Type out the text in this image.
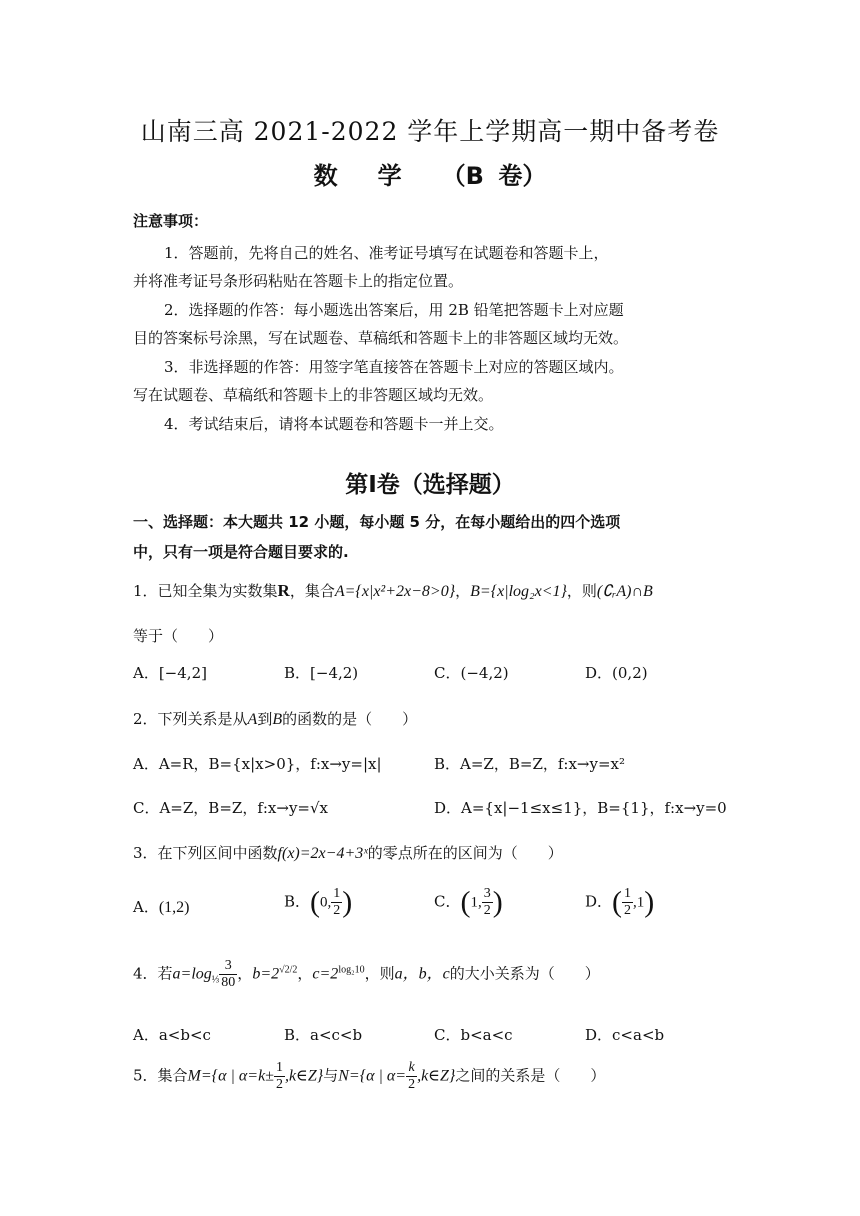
山南三高 2021-2022 学年上学期高一期中备考卷
数 学 （B 卷）
注意事项：
1．答题前，先将自己的姓名、准考证号填写在试题卷和答题卡上，
并将准考证号条形码粘贴在答题卡上的指定位置。
2．选择题的作答：每小题选出答案后，用 2B 铅笔把答题卡上对应题
目的答案标号涂黑，写在试题卷、草稿纸和答题卡上的非答题区域均无效。
3．非选择题的作答：用签字笔直接答在答题卡上对应的答题区域内。
写在试题卷、草稿纸和答题卡上的非答题区域均无效。
4．考试结束后，请将本试题卷和答题卡一并上交。
第Ⅰ卷（选择题）
一、选择题：本大题共 12 小题，每小题 5 分，在每小题给出的四个选项
中，只有一项是符合题目要求的.
1．已知全集为实数集R，集合A={x|x²+2x−8>0}，B={x|log₂x<1}，则(∁ᵣA)∩B
等于（　　）
A．[−4,2]	B．[−4,2)	C．(−4,2)	D．(0,2)
2．下列关系是从A到B的函数的是（　　）
A．A=R，B={x|x>0}，f:x→y=|x|	B．A=Z，B=Z，f:x→y=x²
C．A=Z，B=Z，f:x→y=√x	D．A={x|−1≤x≤1}，B={1}，f:x→y=0
3．在下列区间中函数f(x)=2x−4+3ˣ的零点所在的区间为（　　）
A．(1,2)	B．(0, $\frac{1}{2}$ )	C．(1, $\frac{3}{2}$ )	D．( $\frac{1}{2} ,1$)
4．若$a=\log_{\frac{1}{3}} \frac{3}{80}$ ，$b=2^{√2/2}$，$c=2^{log_210}$，则a，b，c的大小关系为（　　）
A．a<b<c	B．a<c<b	C．b<a<c	D．c<a<b
5．集合M={α | $\alpha=k\pm \frac{1}{2}$ ,k∈Z}与N={α | $\alpha= \frac{k}{2}$ ,k∈Z}之间的关系是（　　）
